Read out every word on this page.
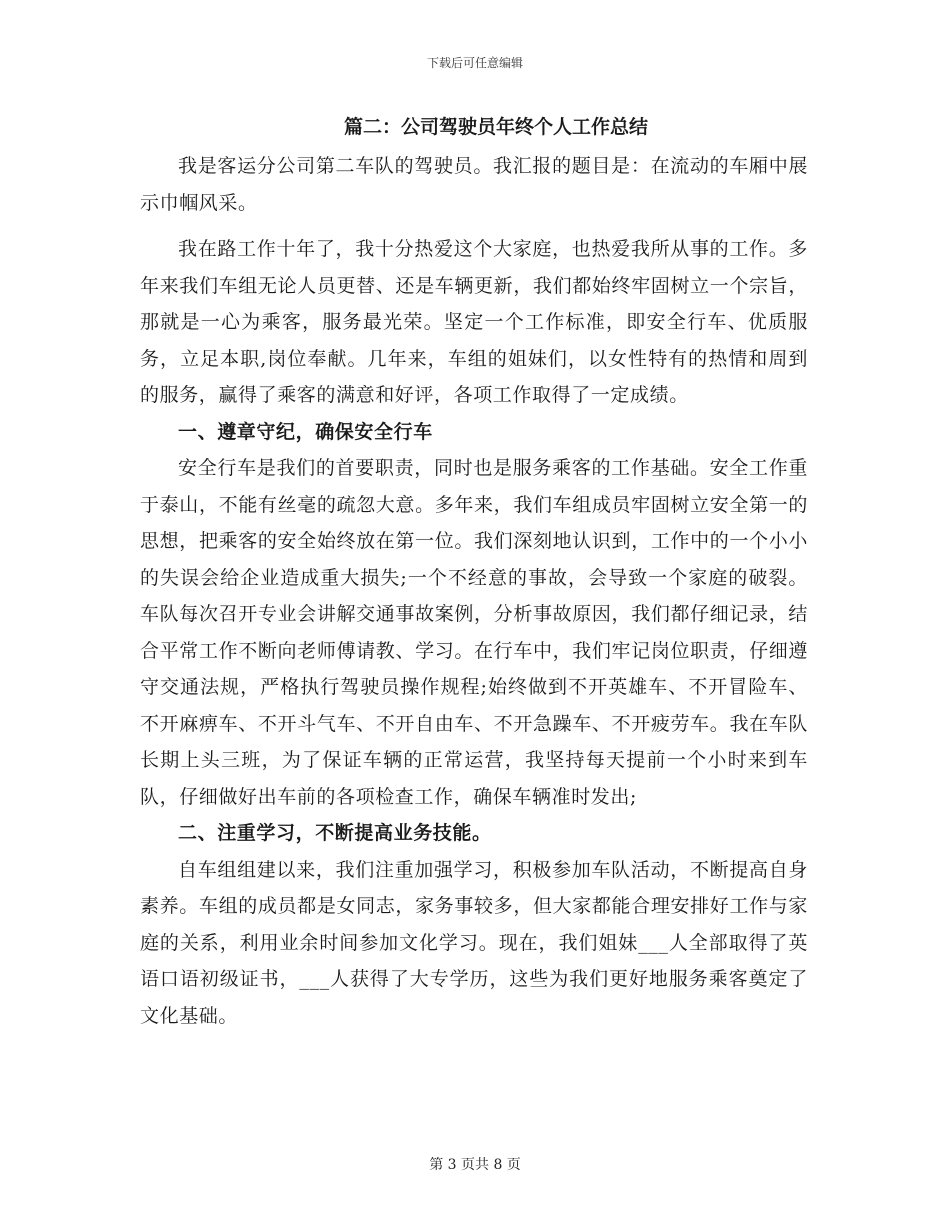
下载后可任意编辑
篇二：公司驾驶员年终个人工作总结

我是客运分公司第二车队的驾驶员。我汇报的题目是：在流动的车厢中展示巾帼风采。

我在路工作十年了，我十分热爱这个大家庭，也热爱我所从事的工作。多年来我们车组无论人员更替、还是车辆更新，我们都始终牢固树立一个宗旨，那就是一心为乘客，服务最光荣。坚定一个工作标准，即安全行车、优质服务，立足本职,岗位奉献。几年来，车组的姐妹们，以女性特有的热情和周到的服务，赢得了乘客的满意和好评，各项工作取得了一定成绩。

一、遵章守纪，确保安全行车

安全行车是我们的首要职责，同时也是服务乘客的工作基础。安全工作重于泰山，不能有丝毫的疏忽大意。多年来，我们车组成员牢固树立安全第一的思想，把乘客的安全始终放在第一位。我们深刻地认识到，工作中的一个小小的失误会给企业造成重大损失;一个不经意的事故，会导致一个家庭的破裂。车队每次召开专业会讲解交通事故案例，分析事故原因，我们都仔细记录，结合平常工作不断向老师傅请教、学习。在行车中，我们牢记岗位职责，仔细遵守交通法规，严格执行驾驶员操作规程;始终做到不开英雄车、不开冒险车、不开麻痹车、不开斗气车、不开自由车、不开急躁车、不开疲劳车。我在车队长期上头三班，为了保证车辆的正常运营，我坚持每天提前一个小时来到车队，仔细做好出车前的各项检查工作，确保车辆准时发出;

二、注重学习，不断提高业务技能。

自车组组建以来，我们注重加强学习，积极参加车队活动，不断提高自身素养。车组的成员都是女同志，家务事较多，但大家都能合理安排好工作与家庭的关系，利用业余时间参加文化学习。现在，我们姐妹___人全部取得了英语口语初级证书，___人获得了大专学历，这些为我们更好地服务乘客奠定了文化基础。

第 3 页共 8 页
